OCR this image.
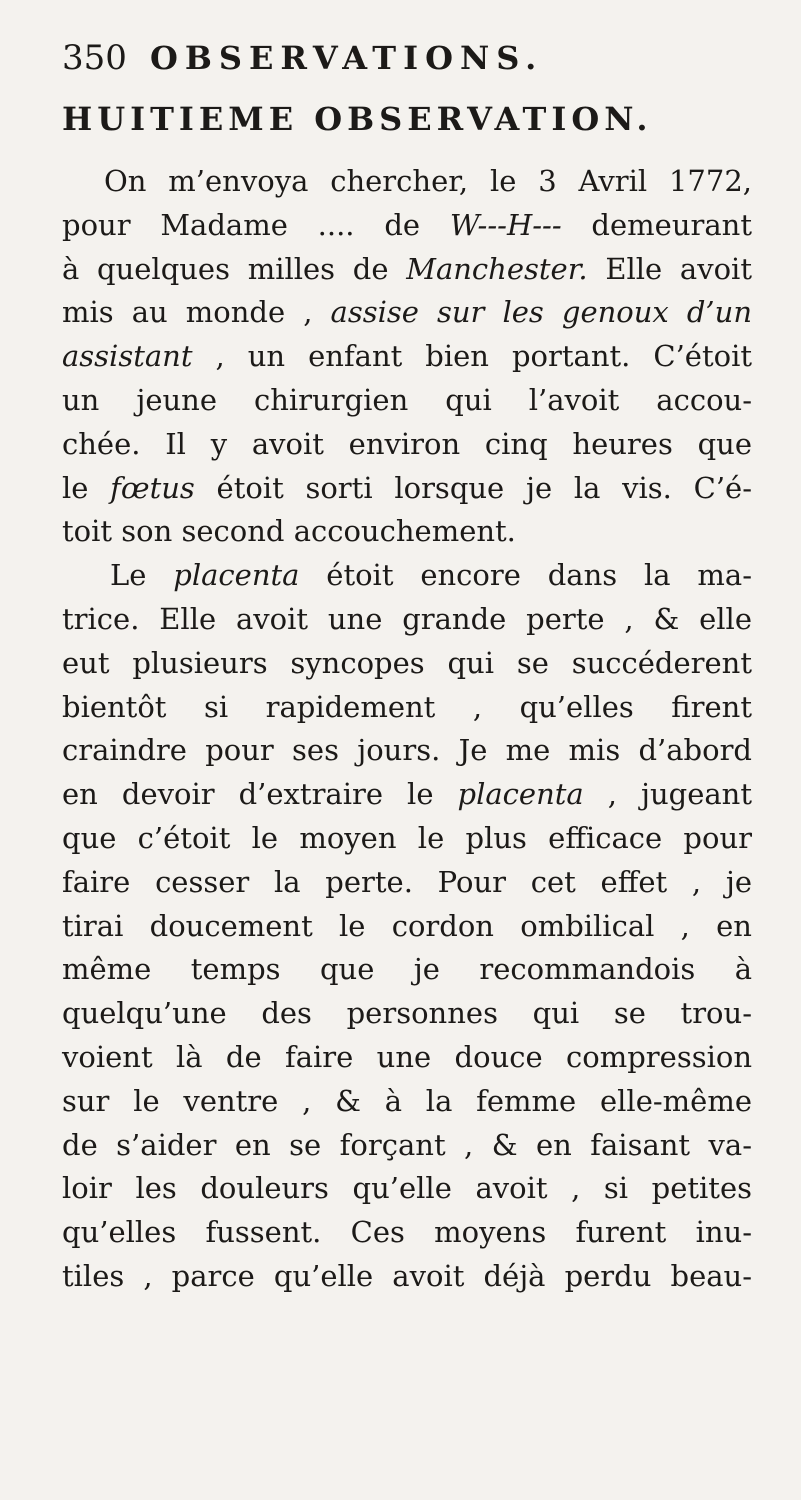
350 OBSERVATIONS.
HUITIEME OBSERVATION.
On m’envoya chercher, le 3 Avril 1772,
pour Madame .... de W---H--- demeurant
à quelques milles de Manchester. Elle avoit
mis au monde , assise sur les genoux d’un
assistant , un enfant bien portant. C’étoit
un jeune chirurgien qui l’avoit accou-
chée. Il y avoit environ cinq heures que
le fœtus étoit sorti lorsque je la vis. C’é-
toit son second accouchement.
Le placenta étoit encore dans la ma-
trice. Elle avoit une grande perte , & elle
eut plusieurs syncopes qui se succéderent
bientôt si rapidement , qu’elles firent
craindre pour ses jours. Je me mis d’abord
en devoir d’extraire le placenta , jugeant
que c’étoit le moyen le plus efficace pour
faire cesser la perte. Pour cet effet , je
tirai doucement le cordon ombilical , en
même temps que je recommandois à
quelqu’une des personnes qui se trou-
voient là de faire une douce compression
sur le ventre , & à la femme elle-même
de s’aider en se forçant , & en faisant va-
loir les douleurs qu’elle avoit , si petites
qu’elles fussent. Ces moyens furent inu-
tiles , parce qu’elle avoit déjà perdu beau-
